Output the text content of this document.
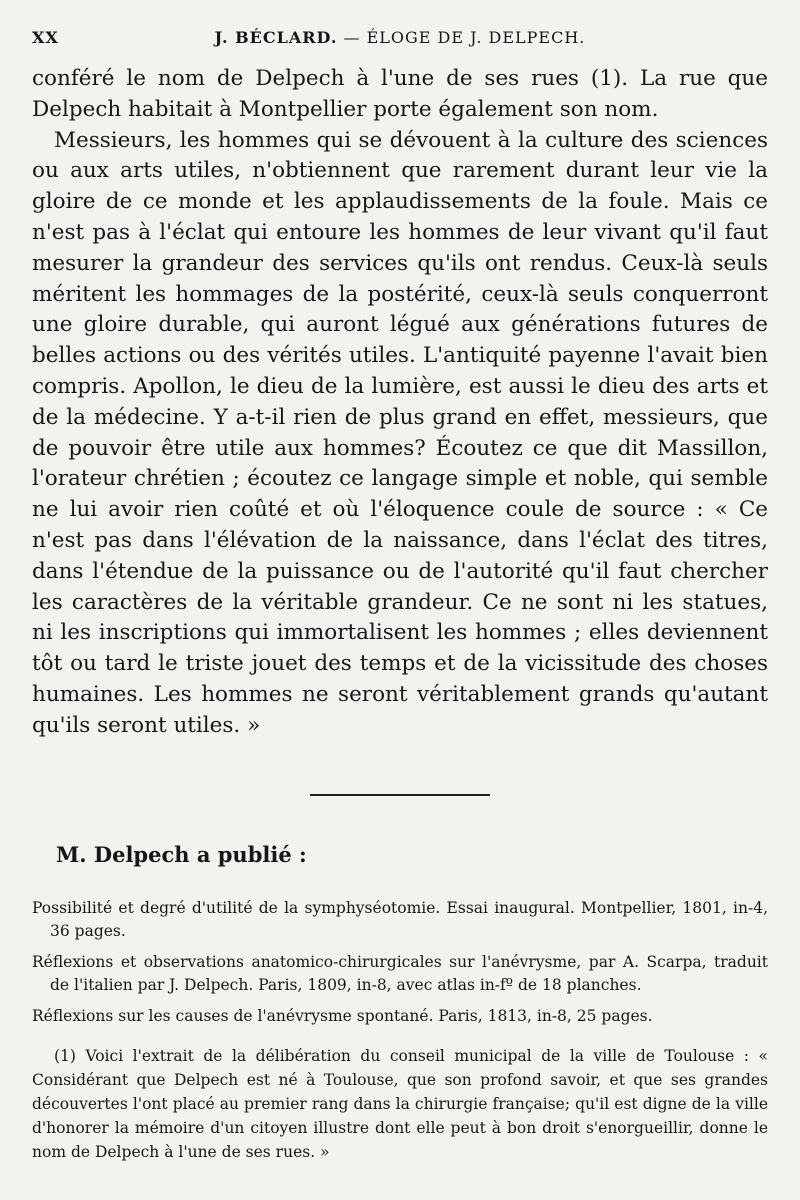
XX	J. BÉCLARD. — ÉLOGE DE J. DELPECH.

conféré le nom de Delpech à l'une de ses rues (1). La rue que Delpech habitait à Montpellier porte également son nom.

Messieurs, les hommes qui se dévouent à la culture des sciences ou aux arts utiles, n'obtiennent que rarement durant leur vie la gloire de ce monde et les applaudissements de la foule. Mais ce n'est pas à l'éclat qui entoure les hommes de leur vivant qu'il faut mesurer la grandeur des services qu'ils ont rendus. Ceux-là seuls méritent les hommages de la postérité, ceux-là seuls conquerront une gloire durable, qui auront légué aux générations futures de belles actions ou des vérités utiles. L'antiquité payenne l'avait bien compris. Apollon, le dieu de la lumière, est aussi le dieu des arts et de la médecine. Y a-t-il rien de plus grand en effet, messieurs, que de pouvoir être utile aux hommes? Écoutez ce que dit Massillon, l'orateur chrétien ; écoutez ce langage simple et noble, qui semble ne lui avoir rien coûté et où l'éloquence coule de source : « Ce n'est pas dans l'élévation de la naissance, dans l'éclat des titres, dans l'étendue de la puissance ou de l'autorité qu'il faut chercher les caractères de la véritable grandeur. Ce ne sont ni les statues, ni les inscriptions qui immortalisent les hommes ; elles deviennent tôt ou tard le triste jouet des temps et de la vicissitude des choses humaines. Les hommes ne seront véritablement grands qu'autant qu'ils seront utiles. »

M. Delpech a publié :

Possibilité et degré d'utilité de la symphyséotomie. Essai inaugural. Montpellier, 1801, in-4, 36 pages.

Réflexions et observations anatomico-chirurgicales sur l'anévrysme, par A. Scarpa, traduit de l'italien par J. Delpech. Paris, 1809, in-8, avec atlas in-fº de 18 planches.

Réflexions sur les causes de l'anévrysme spontané. Paris, 1813, in-8, 25 pages.

(1) Voici l'extrait de la délibération du conseil municipal de la ville de Toulouse : « Considérant que Delpech est né à Toulouse, que son profond savoir, et que ses grandes découvertes l'ont placé au premier rang dans la chirurgie française; qu'il est digne de la ville d'honorer la mémoire d'un citoyen illustre dont elle peut à bon droit s'enorgueillir, donne le nom de Delpech à l'une de ses rues. »
